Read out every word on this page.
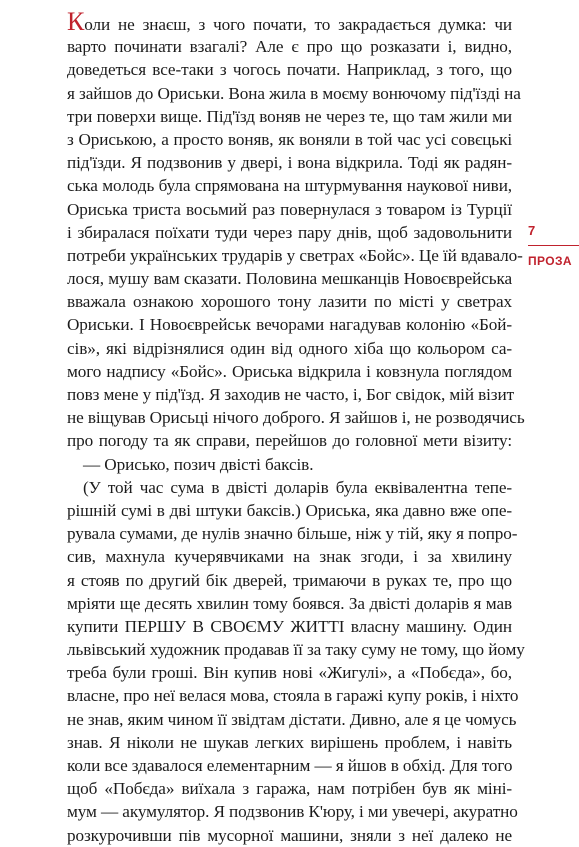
Коли не знаєш, з чого почати, то закрадається думка: чи
варто починати взагалі? Але є про що розказати і, видно,
доведеться все-таки з чогось почати. Наприклад, з того, що
я зайшов до Ориськи. Вона жила в моєму вонючому під'їзді на
три поверхи вище. Під'їзд воняв не через те, що там жили ми
з Ориською, а просто воняв, як воняли в той час усі совєцькі
під'їзди. Я подзвонив у двері, і вона відкрила. Тоді як радян-
ська молодь була спрямована на штурмування наукової ниви,
Ориська триста восьмий раз повернулася з товаром із Турції
і збиралася поїхати туди через пару днів, щоб задовольнити
потреби українських трударів у светрах «Бойс». Це їй вдавало-
лося, мушу вам сказати. Половина мешканців Новоєврейська
вважала ознакою хорошого тону лазити по місті у светрах
Ориськи. І Новоєврейськ вечорами нагадував колонію «Бой-
сів», які відрізнялися один від одного хіба що кольором са-
мого надпису «Бойс». Ориська відкрила і ковзнула поглядом
повз мене у під'їзд. Я заходив не часто, і, Бог свідок, мій візит
не віщував Орисьці нічого доброго. Я зайшов і, не розводячись
про погоду та як справи, перейшов до головної мети візиту:
— Орисько, позич двісті баксів.
(У той час сума в двісті доларів була еквівалентна тепе-
рішній сумі в дві штуки баксів.) Ориська, яка давно вже опе-
рувала сумами, де нулів значно більше, ніж у тій, яку я попро-
сив, махнула кучерявчиками на знак згоди, і за хвилину
я стояв по другий бік дверей, тримаючи в руках те, про що
мріяти ще десять хвилин тому боявся. За двісті доларів я мав
купити ПЕРШУ В СВОЄМУ ЖИТТІ власну машину. Один
львівський художник продавав її за таку суму не тому, що йому
треба були гроші. Він купив нові «Жигулі», а «Побєда», бо,
власне, про неї велася мова, стояла в гаражі купу років, і ніхто
не знав, яким чином її звідтам дістати. Дивно, але я це чомусь
знав. Я ніколи не шукав легких вирішень проблем, і навіть
коли все здавалося елементарним — я йшов в обхід. Для того
щоб «Побєда» виїхала з гаража, нам потрібен був як міні-
мум — акумулятор. Я подзвонив К'юру, і ми увечері, акуратно
розкурочивши пів мусорної машини, зняли з неї далеко не
7
ПРОЗА
